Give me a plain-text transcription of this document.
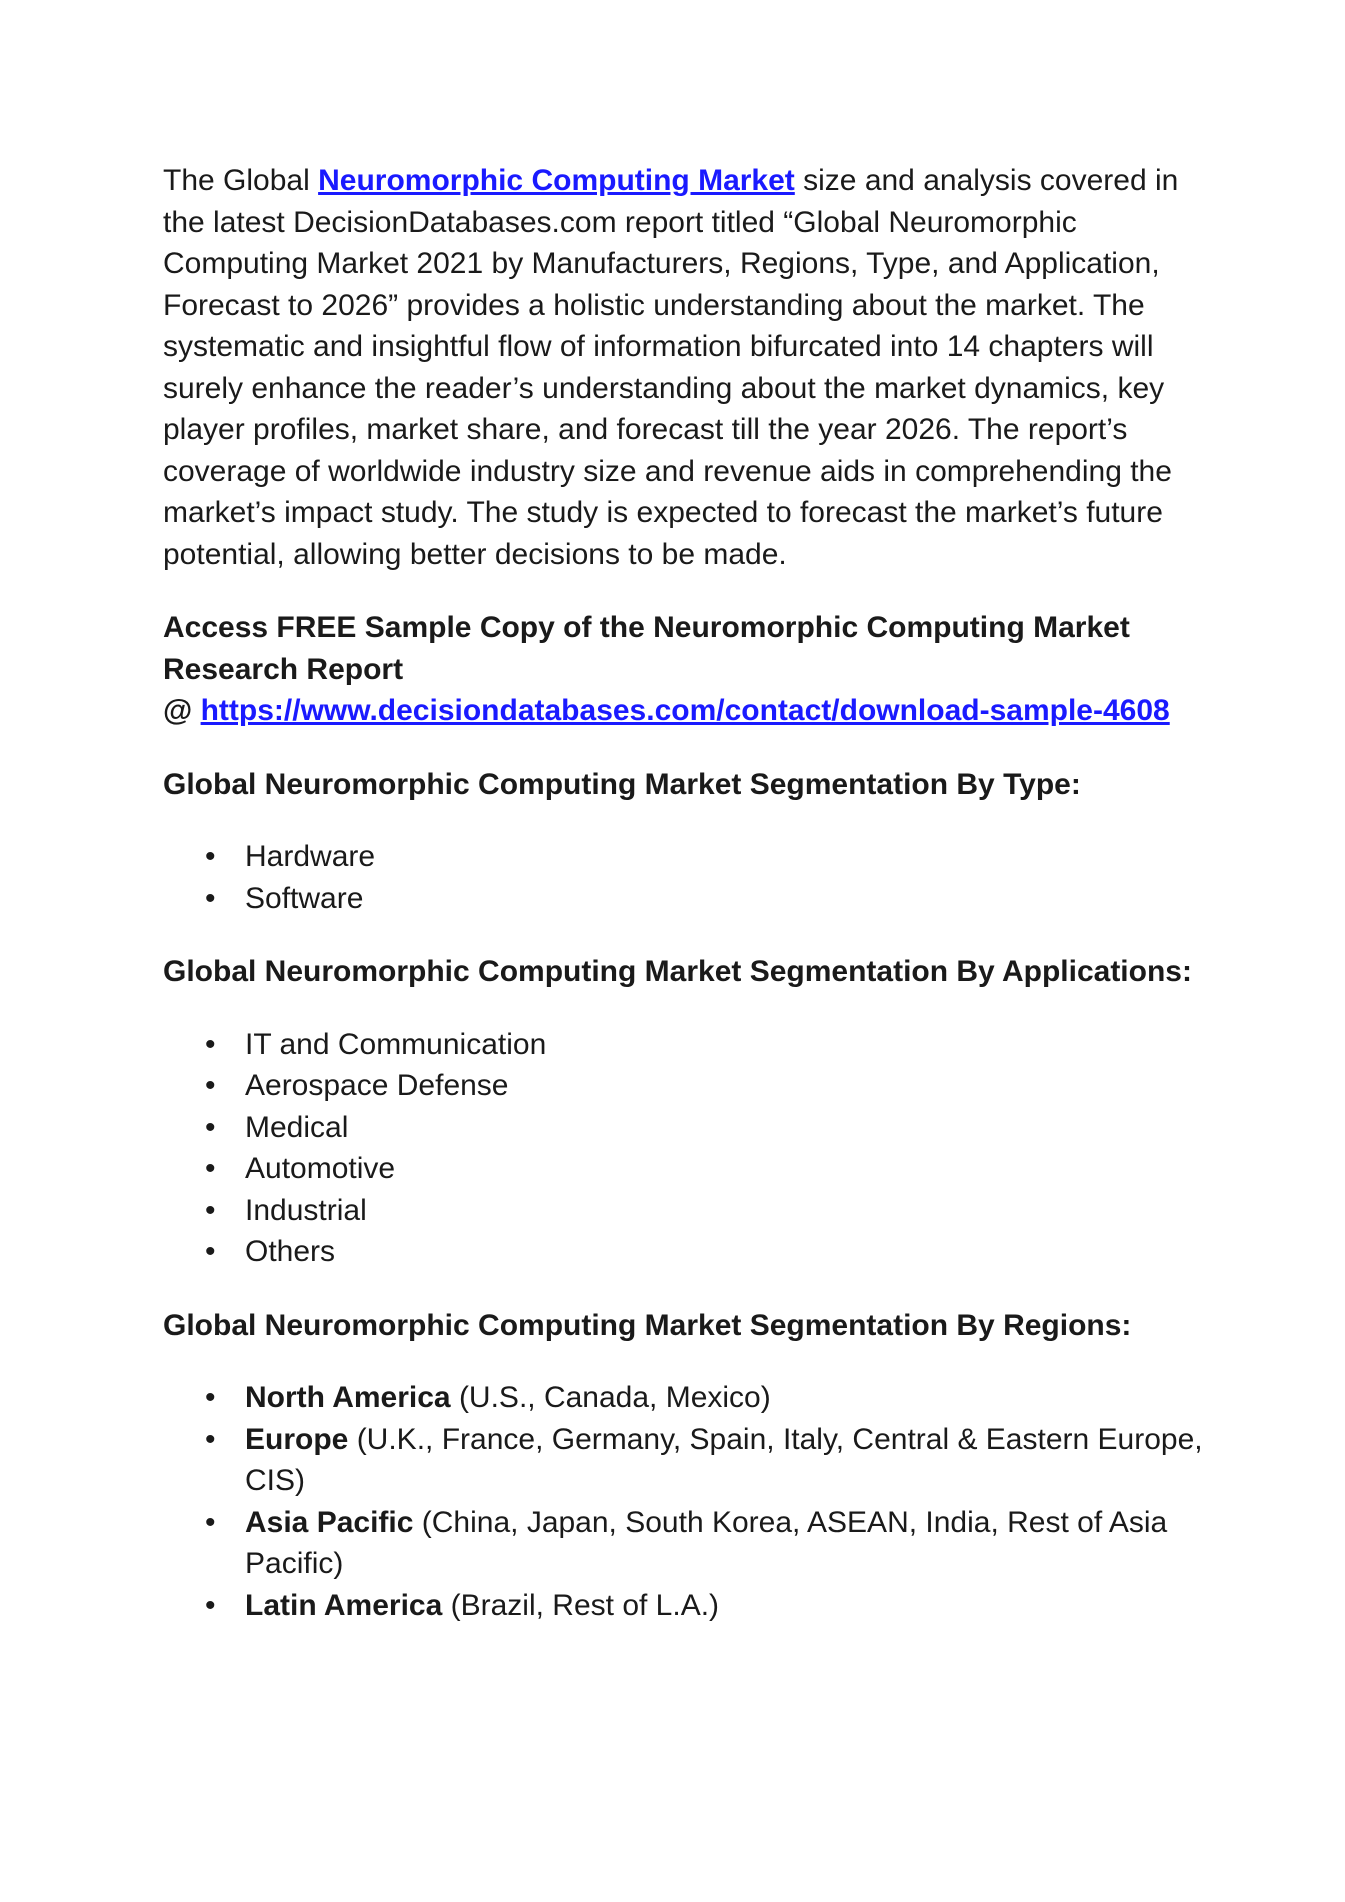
The Global Neuromorphic Computing Market size and analysis covered in the latest DecisionDatabases.com report titled “Global Neuromorphic Computing Market 2021 by Manufacturers, Regions, Type, and Application, Forecast to 2026” provides a holistic understanding about the market. The systematic and insightful flow of information bifurcated into 14 chapters will surely enhance the reader’s understanding about the market dynamics, key player profiles, market share, and forecast till the year 2026. The report’s coverage of worldwide industry size and revenue aids in comprehending the market’s impact study. The study is expected to forecast the market’s future potential, allowing better decisions to be made.

Access FREE Sample Copy of the Neuromorphic Computing Market Research Report
@ https://www.decisiondatabases.com/contact/download-sample-4608

Global Neuromorphic Computing Market Segmentation By Type:

• Hardware
• Software

Global Neuromorphic Computing Market Segmentation By Applications:

• IT and Communication
• Aerospace Defense
• Medical
• Automotive
• Industrial
• Others

Global Neuromorphic Computing Market Segmentation By Regions:

• North America (U.S., Canada, Mexico)
• Europe (U.K., France, Germany, Spain, Italy, Central & Eastern Europe, CIS)
• Asia Pacific (China, Japan, South Korea, ASEAN, India, Rest of Asia Pacific)
• Latin America (Brazil, Rest of L.A.)
